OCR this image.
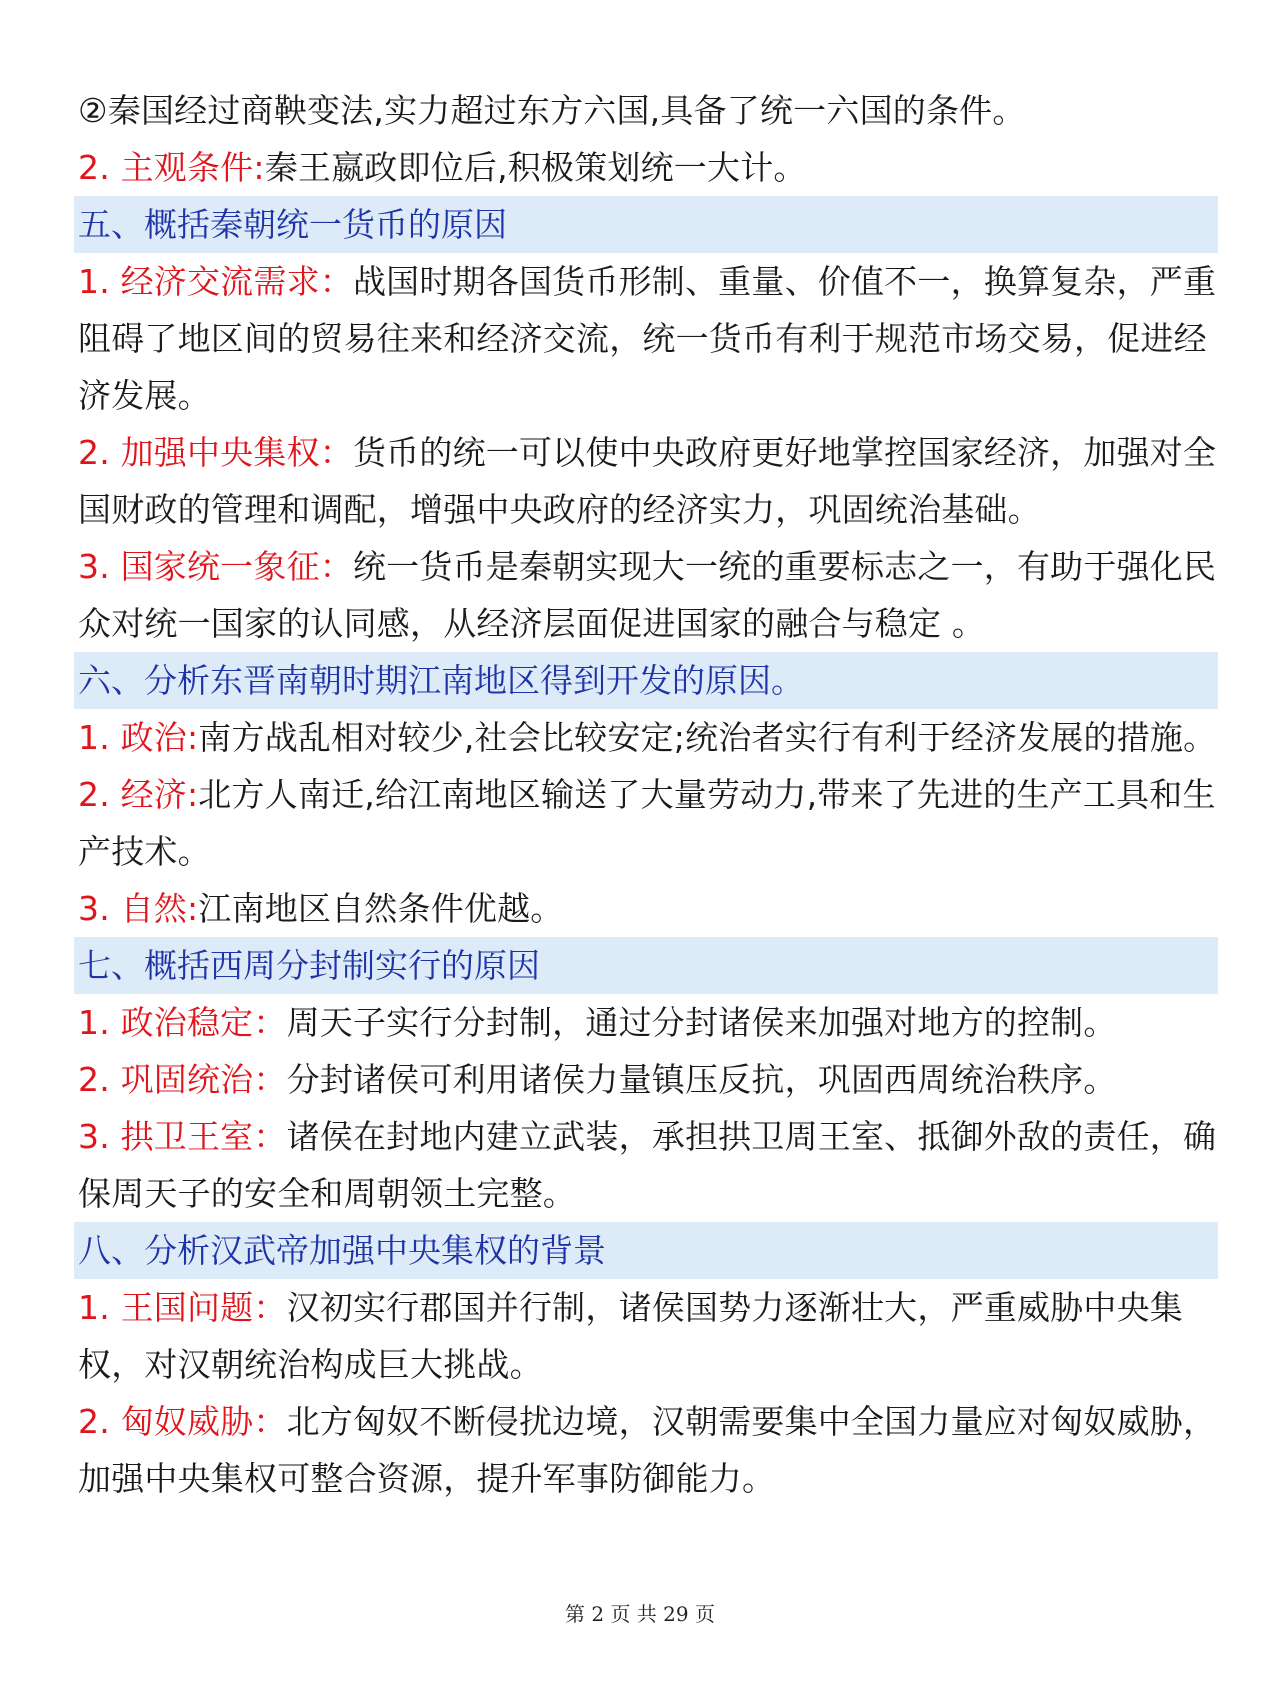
②秦国经过商鞅变法,实力超过东方六国,具备了统一六国的条件。
2. 主观条件:秦王嬴政即位后,积极策划统一大计。
五、概括秦朝统一货币的原因
1. 经济交流需求：战国时期各国货币形制、重量、价值不一，换算复杂，严重阻碍了地区间的贸易往来和经济交流，统一货币有利于规范市场交易，促进经济发展。
2. 加强中央集权：货币的统一可以使中央政府更好地掌控国家经济，加强对全国财政的管理和调配，增强中央政府的经济实力，巩固统治基础。
3. 国家统一象征：统一货币是秦朝实现大一统的重要标志之一，有助于强化民众对统一国家的认同感，从经济层面促进国家的融合与稳定 。
六、分析东晋南朝时期江南地区得到开发的原因。
1. 政治:南方战乱相对较少,社会比较安定;统治者实行有利于经济发展的措施。
2. 经济:北方人南迁,给江南地区输送了大量劳动力,带来了先进的生产工具和生产技术。
3. 自然:江南地区自然条件优越。
七、概括西周分封制实行的原因
1. 政治稳定：周天子实行分封制，通过分封诸侯来加强对地方的控制。
2. 巩固统治：分封诸侯可利用诸侯力量镇压反抗，巩固西周统治秩序。
3. 拱卫王室：诸侯在封地内建立武装，承担拱卫周王室、抵御外敌的责任，确保周天子的安全和周朝领土完整。
八、分析汉武帝加强中央集权的背景
1. 王国问题：汉初实行郡国并行制，诸侯国势力逐渐壮大，严重威胁中央集权，对汉朝统治构成巨大挑战。
2. 匈奴威胁：北方匈奴不断侵扰边境，汉朝需要集中全国力量应对匈奴威胁，加强中央集权可整合资源，提升军事防御能力。
第 2 页 共 29 页
